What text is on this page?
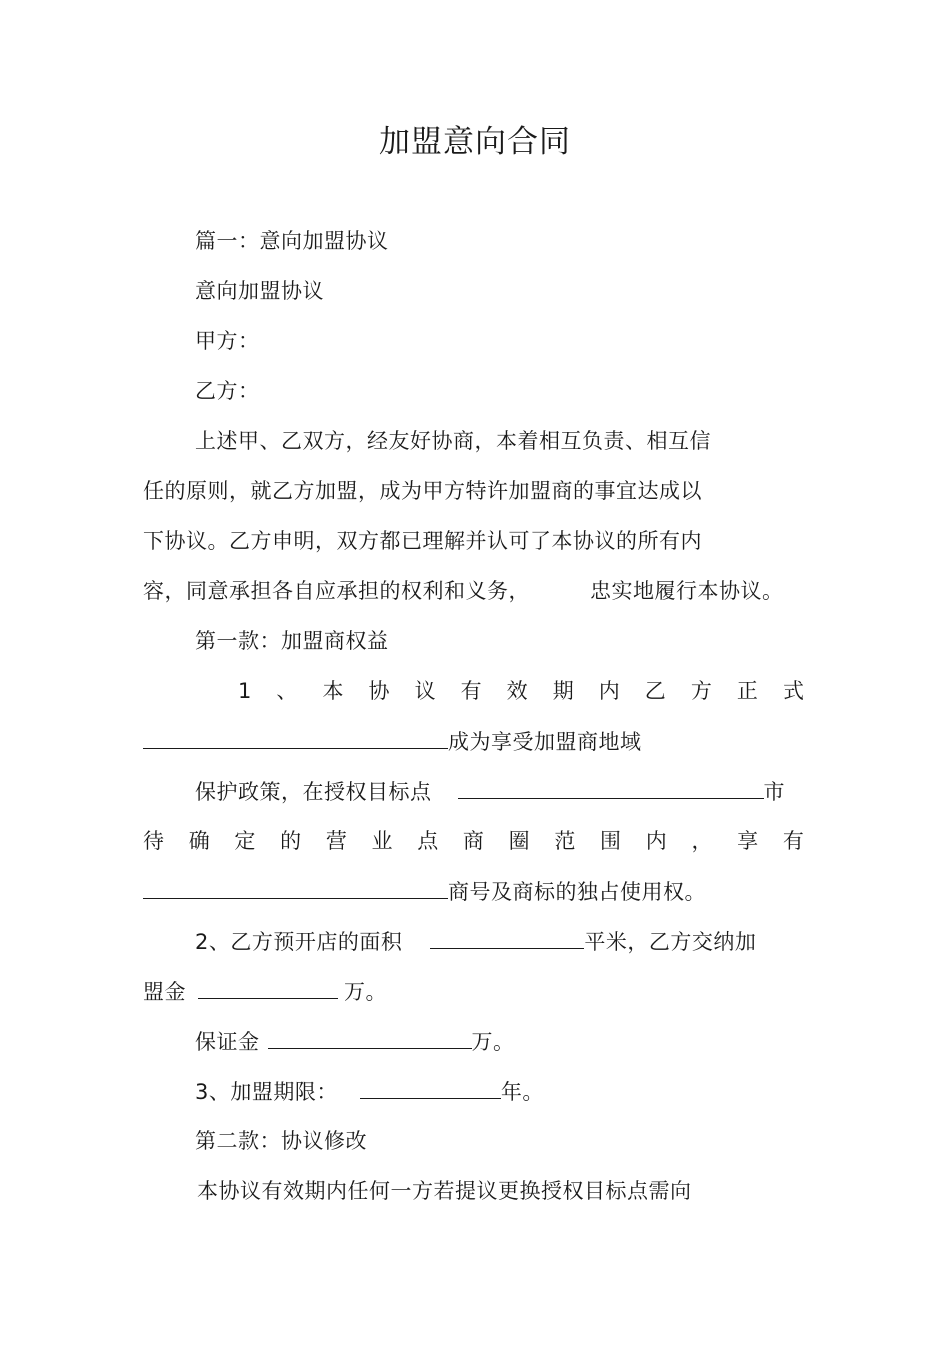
加盟意向合同
篇一：意向加盟协议
意向加盟协议
甲方：
乙方：
上述甲、乙双方，经友好协商，本着相互负责、相互信
任的原则，就乙方加盟，成为甲方特许加盟商的事宜达成以
下协议。乙方申明，双方都已理解并认可了本协议的所有内
容，同意承担各自应承担的权利和义务，	忠实地履行本协议。
第一款：加盟商权益
1 、 本 协 议 有 效 期 内 乙 方 正 式
成为享受加盟商地域
保护政策，在授权目标点	市
待 确 定 的 营 业 点 商 圈 范 围 内 ， 享 有
商号及商标的独占使用权。
2、乙方预开店的面积	平米，乙方交纳加
盟金	万。
保证金	万。
3、加盟期限：	年。
第二款：协议修改
本协议有效期内任何一方若提议更换授权目标点需向
